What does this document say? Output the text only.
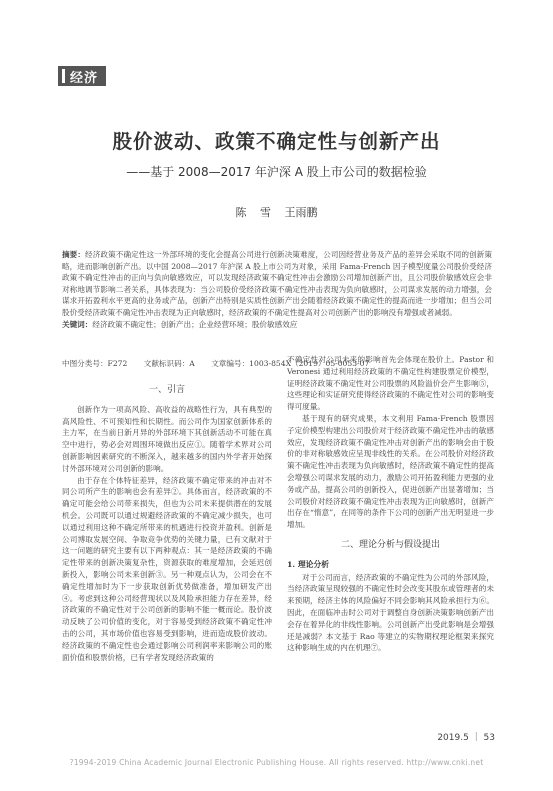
经济
股价波动、政策不确定性与创新产出
——基于 2008—2017 年沪深 A 股上市公司的数据检验
陈 雪 王雨鹏
摘要：经济政策不确定性这一外部环境的变化会提高公司进行创新决策难度，公司因经营业务及产品的差异会采取不同的创新策略，进而影响创新产出。以中国 2008—2017 年沪深 A 股上市公司为对象，采用 Fama-French 因子模型度量公司股价受经济政策不确定性冲击的正向与负向敏感效应，可以发现经济政策不确定性冲击会激励公司增加创新产出，且公司股价敏感效应会非对称地调节影响二者关系，具体表现为：当公司股价受经济政策不确定性冲击表现为负向敏感时，公司谋求发展的动力增强，会谋求开拓盈利水平更高的业务或产品，创新产出特别是实质性创新产出会随着经济政策不确定性的提高而进一步增加；但当公司股价受经济政策不确定性冲击表现为正向敏感时，经济政策的不确定性提高对公司创新产出的影响没有增强或者减弱。
关键词：经济政策不确定性；创新产出；企业经营环境；股价敏感效应
中图分类号：F272 文献标识码：A 文章编号：1003-854X（2019）05-0053-07
一、引言

创新作为一项高风险、高收益的战略性行为，具有典型的高风险性、不可预知性和长期性。而公司作为国家创新体系的主力军，在当前日新月异的外部环境下其创新活动不可能在真空中进行，势必会对周围环境做出反应①。随着学术界对公司创新影响因素研究的不断深入，越来越多的国内外学者开始探讨外部环境对公司创新的影响。

由于存在个体特征差异，经济政策不确定带来的冲击对不同公司所产生的影响也会有差异②。具体而言，经济政策的不确定可能会给公司带来损失，但也为公司未来提供潜在的发展机会。公司既可以通过规避经济政策的不确定减少损失，也可以通过利用这种不确定所带来的机遇进行投资并盈利。创新是公司博取发展空间、争取竞争优势的关键力量，已有文献对于这一问题的研究主要有以下两种观点：其一是经济政策的不确定性带来的创新决策复杂性，资源获取的难度增加，会延迟创新投入，影响公司未来创新③。另一种观点认为，公司会在不确定性增加时为下一步获取创新优势做准备，增加研发产出④。考虑到这种公司经营现状以及风险承担能力存在差异，经济政策的不确定性对于公司创新的影响不能一概而论。股价波动反映了公司价值的变化，对于容易受到经济政策不确定性冲击的公司，其市场价值也容易受到影响，进而造成股价波动。经济政策的不确定性也会通过影响公司利润率来影响公司的账面价值和股票价格，已有学者发现经济政策的

不确定性对公司未来的影响首先会体现在股价上。Pastor 和 Veronesi 通过利用经济政策的不确定性构建股票定价模型，证明经济政策不确定性对公司股票的风险溢价会产生影响⑤，这些理论和实证研究使得经济政策的不确定性对公司的影响变得可度量。

基于现有的研究成果，本文利用 Fama-French 股票因子定价模型构建出公司股价对于经济政策不确定性冲击的敏感效应，发现经济政策不确定性冲击对创新产出的影响会由于股价的非对称敏感效应呈现非线性的关系。在公司股价对经济政策不确定性冲击表现为负向敏感时，经济政策不确定性的提高会增强公司谋求发展的动力，激励公司开拓盈利能力更强的业务或产品，提高公司的创新投入，促进创新产出显著增加；当公司股价对经济政策不确定性冲击表现为正向敏感时，创新产出存在“惰意”，在同等的条件下公司的创新产出无明显进一步增加。

二、理论分析与假设提出
1. 理论分析

对于公司而言，经济政策的不确定性为公司的外部风险，当经济政策呈现较强的不确定性时会改变其股东或管理者的未来预期，经济主体的风险偏好不同会影响其风险承担行为⑥。因此，在面临冲击时公司对于调整自身创新决策影响创新产出会存在着异化的非线性影响。公司创新产出受此影响是会增强还是减弱？本文基于 Rao 等建立的实物期权理论框架来探究这种影响生成的内在机理⑦。

2019.5 ｜ 53
?1994-2019 China Academic Journal Electronic Publishing House. All rights reserved. http://www.cnki.net
